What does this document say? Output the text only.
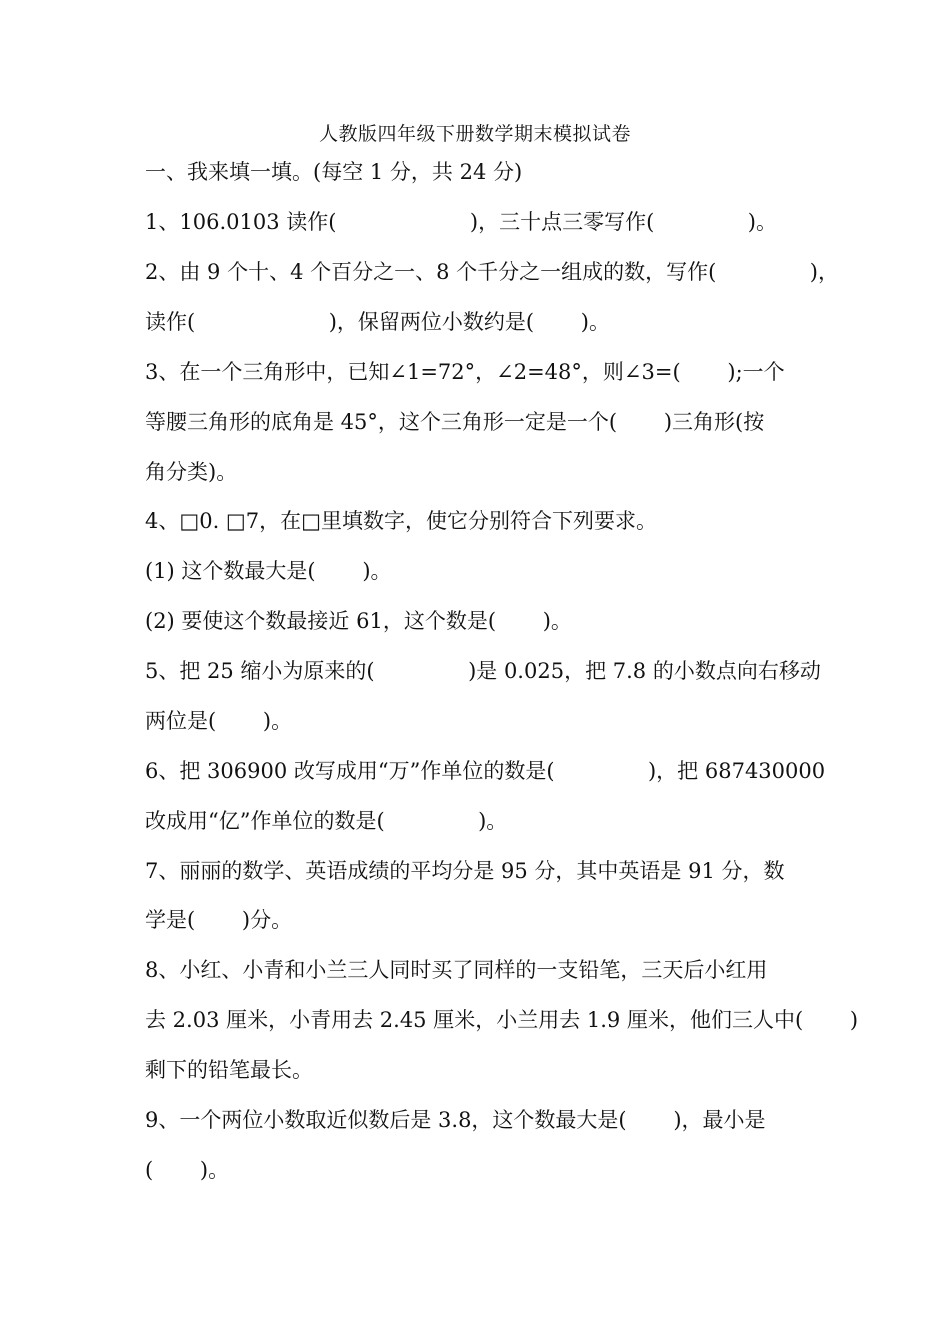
人教版四年级下册数学期末模拟试卷
一、我来填一填。(每空 1 分，共 24 分)
1、106.0103 读作(                    )，三十点三零写作(              )。
2、由 9 个十、4 个百分之一、8 个千分之一组成的数，写作(              )，
读作(                    )，保留两位小数约是(       )。
3、在一个三角形中，已知∠1=72°，∠2=48°，则∠3=(       );一个
等腰三角形的底角是 45°，这个三角形一定是一个(       )三角形(按
角分类)。
4、□0. □7，在□里填数字，使它分别符合下列要求。
(1) 这个数最大是(       )。
(2) 要使这个数最接近 61，这个数是(       )。
5、把 25 缩小为原来的(              )是 0.025，把 7.8 的小数点向右移动
两位是(       )。
6、把 306900 改写成用“万”作单位的数是(              )，把 687430000
改成用“亿”作单位的数是(              )。
7、丽丽的数学、英语成绩的平均分是 95 分，其中英语是 91 分，数
学是(       )分。
8、小红、小青和小兰三人同时买了同样的一支铅笔，三天后小红用
去 2.03 厘米，小青用去 2.45 厘米，小兰用去 1.9 厘米，他们三人中(       )
剩下的铅笔最长。
9、一个两位小数取近似数后是 3.8，这个数最大是(       )，最小是
(       )。
